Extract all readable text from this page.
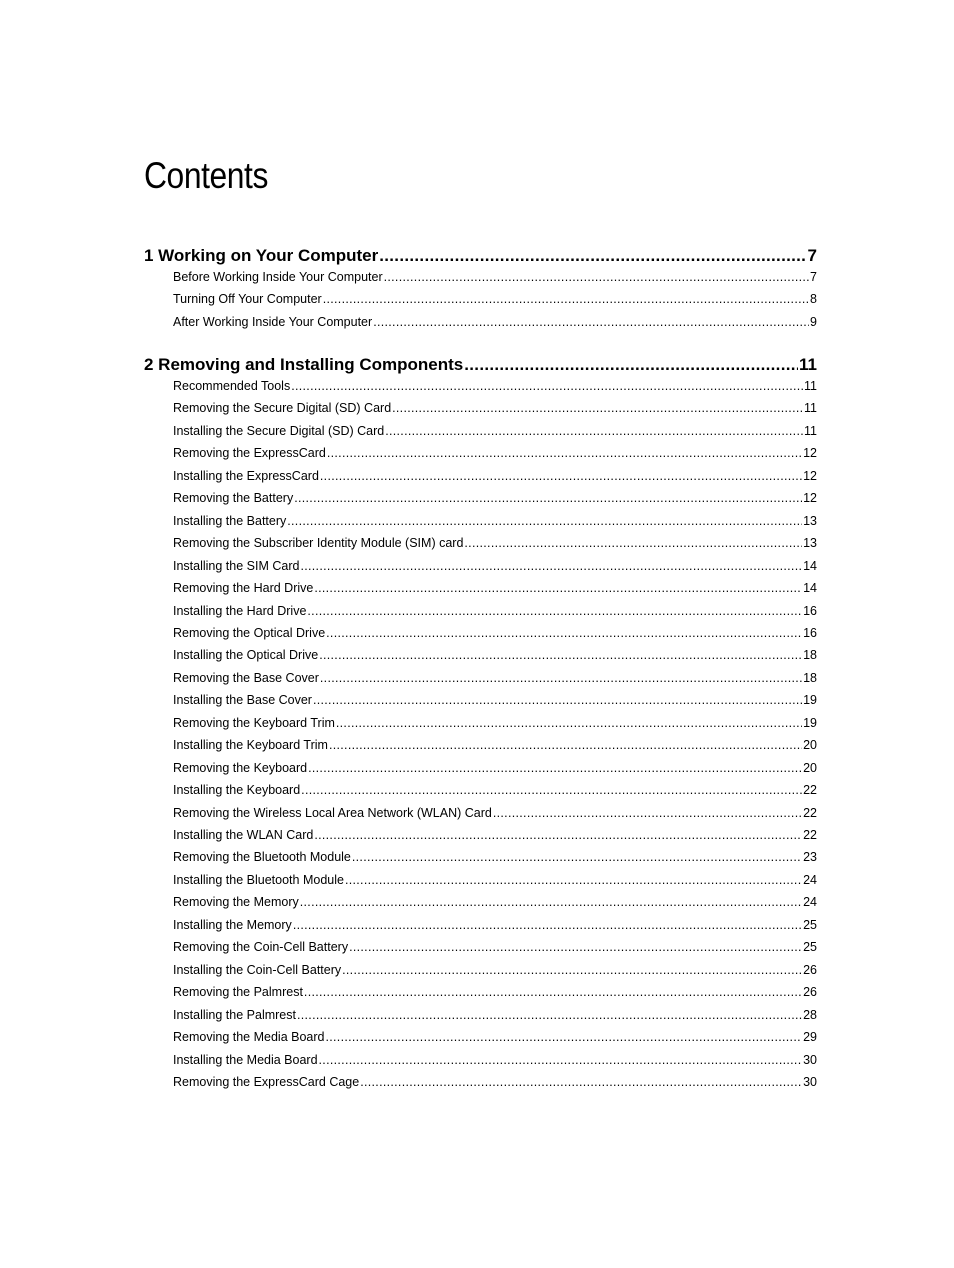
Contents
1 Working on Your Computer .....	7
Before Working Inside Your Computer .....	7
Turning Off Your Computer .....	8
After Working Inside Your Computer .....	9
2 Removing and Installing Components .....	11
Recommended Tools .....	11
Removing the Secure Digital (SD) Card .....	11
Installing the Secure Digital (SD) Card .....	11
Removing the ExpressCard .....	12
Installing the ExpressCard .....	12
Removing the Battery .....	12
Installing the Battery .....	13
Removing the Subscriber Identity Module (SIM) card .....	13
Installing the SIM Card .....	14
Removing the Hard Drive .....	14
Installing the Hard Drive .....	16
Removing the Optical Drive .....	16
Installing the Optical Drive .....	18
Removing the Base Cover .....	18
Installing the Base Cover .....	19
Removing the Keyboard Trim .....	19
Installing the Keyboard Trim .....	20
Removing the Keyboard .....	20
Installing the Keyboard .....	22
Removing the Wireless Local Area Network (WLAN) Card .....	22
Installing the WLAN Card .....	22
Removing the Bluetooth Module .....	23
Installing the Bluetooth Module .....	24
Removing the Memory .....	24
Installing the Memory .....	25
Removing the Coin-Cell Battery .....	25
Installing the Coin-Cell Battery .....	26
Removing the Palmrest .....	26
Installing the Palmrest .....	28
Removing the Media Board .....	29
Installing the Media Board .....	30
Removing the ExpressCard Cage .....	30
